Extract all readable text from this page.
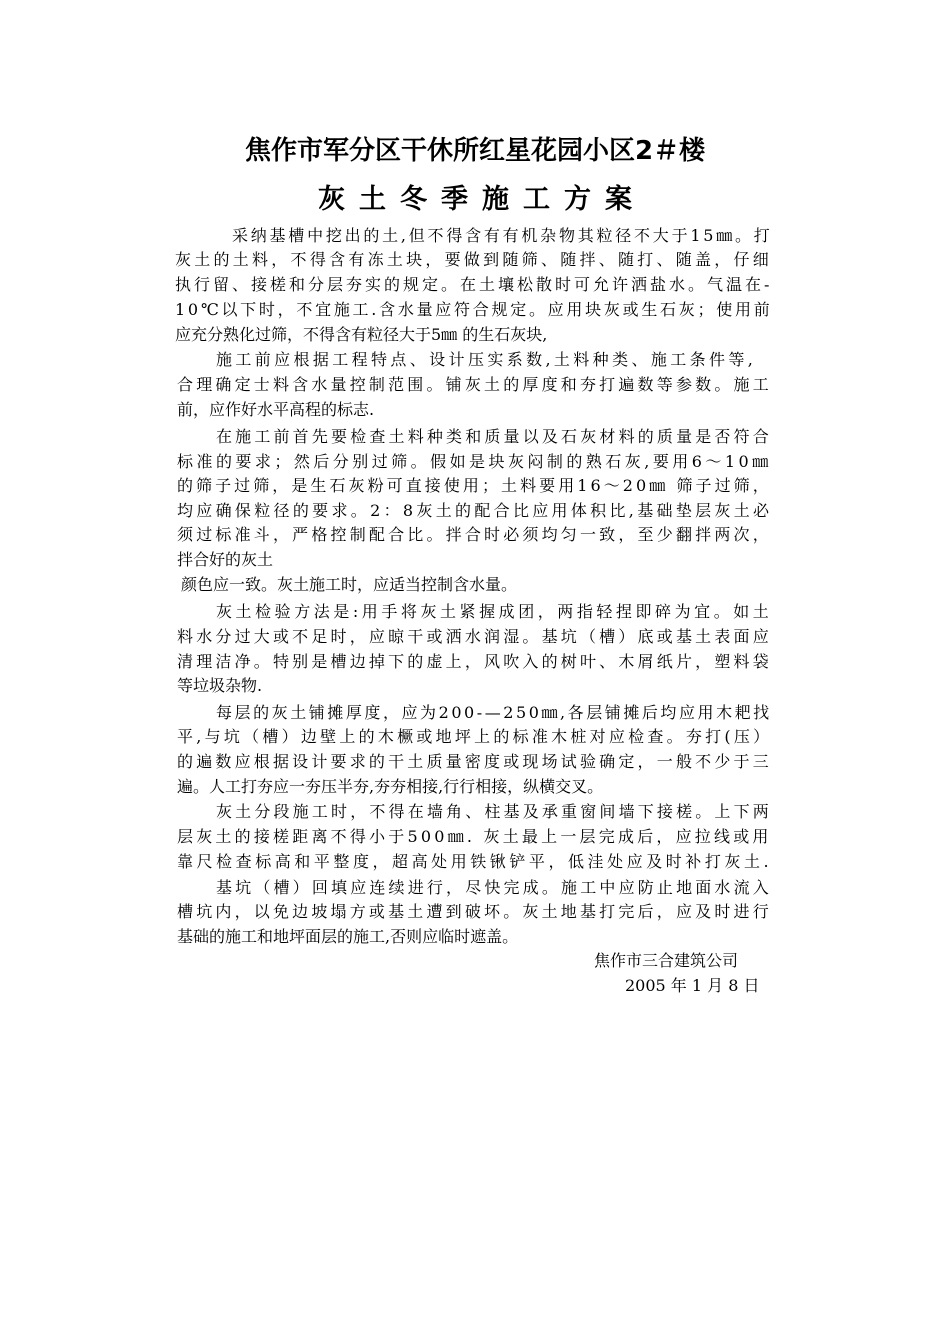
焦作市军分区干休所红星花园小区2＃楼
灰土冬季施工方案
采纳基槽中挖出的土,但不得含有有机杂物其粒径不大于15㎜。打
灰土的土料，不得含有冻土块，要做到随筛、随拌、随打、随盖，仔细
执行留、接槎和分层夯实的规定。在土壤松散时可允许洒盐水。气温在-
10℃以下时，不宜施工.含水量应符合规定。应用块灰或生石灰；使用前
应充分熟化过筛，不得含有粒径大于5㎜ 的生石灰块,
施工前应根据工程特点、设计压实系数,土料种类、施工条件等,
合理确定士料含水量控制范围。铺灰土的厚度和夯打遍数等参数。施工
前，应作好水平高程的标志.
在施工前首先要检查土料种类和质量以及石灰材料的质量是否符合
标准的要求；然后分别过筛。假如是块灰闷制的熟石灰,要用6～10㎜
的筛子过筛，是生石灰粉可直接使用；土料要用16～20㎜ 筛子过筛，
均应确保粒径的要求。2：8灰土的配合比应用体积比,基础垫层灰土必
须过标准斗，严格控制配合比。拌合时必须均匀一致，至少翻拌两次，
拌合好的灰土
颜色应一致。灰土施工时，应适当控制含水量。
灰土检验方法是:用手将灰土紧握成团，两指轻捏即碎为宜。如土
料水分过大或不足时，应晾干或洒水润湿。基坑（槽）底或基土表面应
清理洁净。特别是槽边掉下的虚上，风吹入的树叶、木屑纸片，塑料袋
等垃圾杂物.
每层的灰土铺摊厚度，应为200-—250㎜,各层铺摊后均应用木耙找
平,与坑（槽）边壁上的木橛或地坪上的标准木桩对应检查。夯打(压）
的遍数应根据设计要求的干土质量密度或现场试验确定，一般不少于三
遍。人工打夯应一夯压半夯,夯夯相接,行行相接，纵横交叉。
灰土分段施工时，不得在墙角、柱基及承重窗间墙下接槎。上下两
层灰土的接槎距离不得小于500㎜. 灰土最上一层完成后，应拉线或用
靠尺检查标高和平整度，超高处用铁锹铲平，低洼处应及时补打灰土.
基坑（槽）回填应连续进行，尽快完成。施工中应防止地面水流入
槽坑内，以免边坡塌方或基土遭到破坏。灰土地基打完后，应及时进行
基础的施工和地坪面层的施工,否则应临时遮盖。
焦作市三合建筑公司
2005 年 1 月 8 日
